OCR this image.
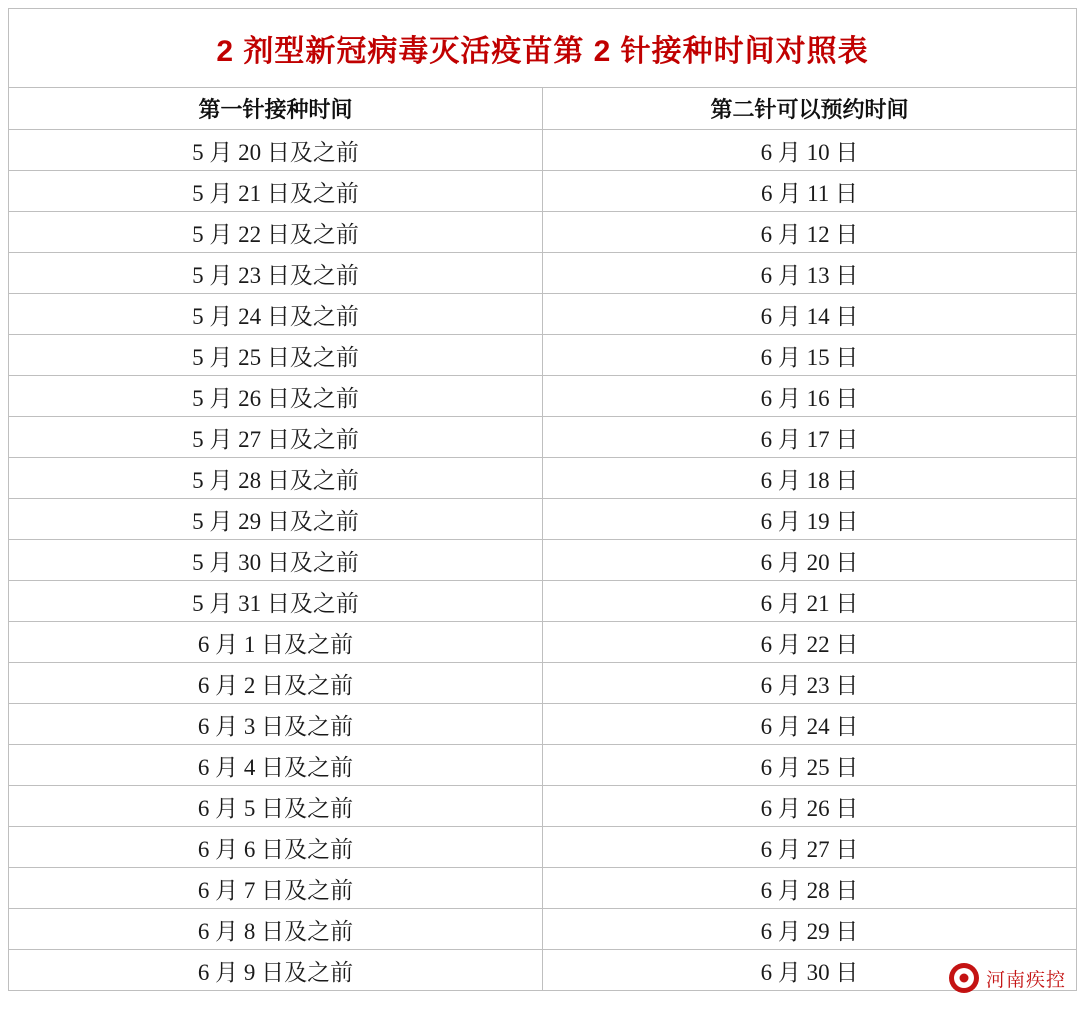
2 剂型新冠病毒灭活疫苗第 2 针接种时间对照表	
第一针接种时间	第二针可以预约时间
5 月 20 日及之前	6 月 10 日
5 月 21 日及之前	6 月 11 日
5 月 22 日及之前	6 月 12 日
5 月 23 日及之前	6 月 13 日
5 月 24 日及之前	6 月 14 日
5 月 25 日及之前	6 月 15 日
5 月 26 日及之前	6 月 16 日
5 月 27 日及之前	6 月 17 日
5 月 28 日及之前	6 月 18 日
5 月 29 日及之前	6 月 19 日
5 月 30 日及之前	6 月 20 日
5 月 31 日及之前	6 月 21 日
6 月 1 日及之前	6 月 22 日
6 月 2 日及之前	6 月 23 日
6 月 3 日及之前	6 月 24 日
6 月 4 日及之前	6 月 25 日
6 月 5 日及之前	6 月 26 日
6 月 6 日及之前	6 月 27 日
6 月 7 日及之前	6 月 28 日
6 月 8 日及之前	6 月 29 日
6 月 9 日及之前	6 月 30 日	河南疾控
